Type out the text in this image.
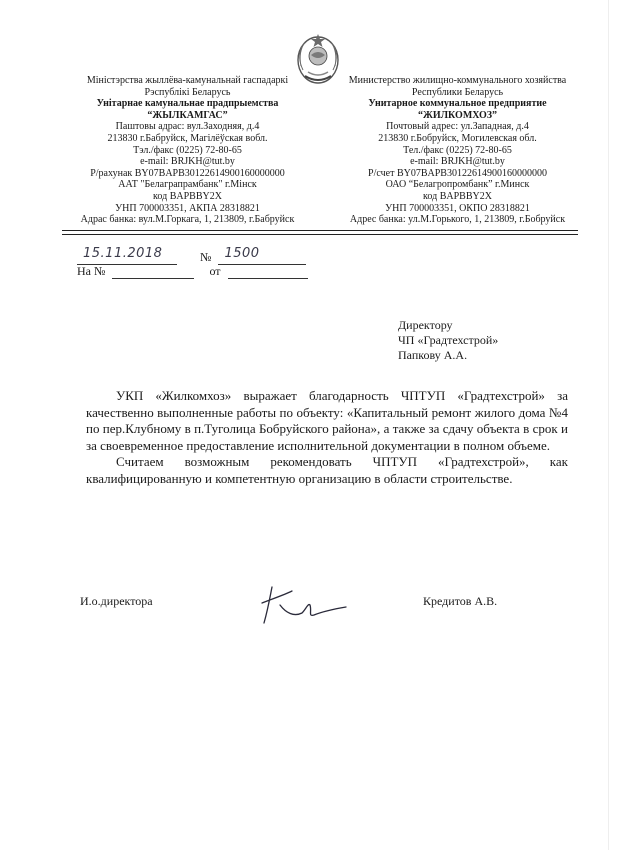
Міністэрства жыллёва-камунальнай гаспадаркі
Рэспублікі Беларусь
Унітарнае камунальнае прадпрыемства
“ЖЫЛКАМГАС”
Паштовы адрас: вул.Заходняя, д.4
213830 г.Бабруйск, Магілёўская вобл.
Тэл./факс (0225) 72-80-65
e-mail: BRJKH@tut.by
Р/рахунак BY07BAPB30122614900160000000
ААТ "Белаграпрамбанк" г.Мінск
код BAPBBY2X
УНП 700003351, АКПА 28318821
Адрас банка: вул.М.Горкага, 1, 213809, г.Бабруйск
Министерство жилищно-коммунального хозяйства
Республики Беларусь
Унитарное коммунальное предприятие
“ЖИЛКОМХОЗ”
Почтовый адрес: ул.Западная, д.4
213830 г.Бобруйск, Могилевская обл.
Тел./факс (0225) 72-80-65
e-mail: BRJKH@tut.by
Р/счет BY07BAPB30122614900160000000
ОАО “Белагропромбанк” г.Минск
код BAPBBY2X
УНП 700003351, ОКПО 28318821
Адрес банка: ул.М.Горького, 1, 213809, г.Бобруйск
15.11.2018	№ 1500
На №	от
Директору
ЧП «Градтехстрой»
Папкову А.А.

УКП «Жилкомхоз» выражает благодарность ЧПТУП «Градтехстрой» за качественно выполненные работы по объекту: «Капитальный ремонт жилого дома №4 по пер.Клубному в п.Туголица Бобруйского района», а также за сдачу объекта в срок и за своевременное предоставление исполнительной документации в полном объеме.

Считаем возможным рекомендовать ЧПТУП «Градтехстрой», как квалифицированную и компетентную организацию в области строительстве.

И.о.директора	Кредитов А.В.
